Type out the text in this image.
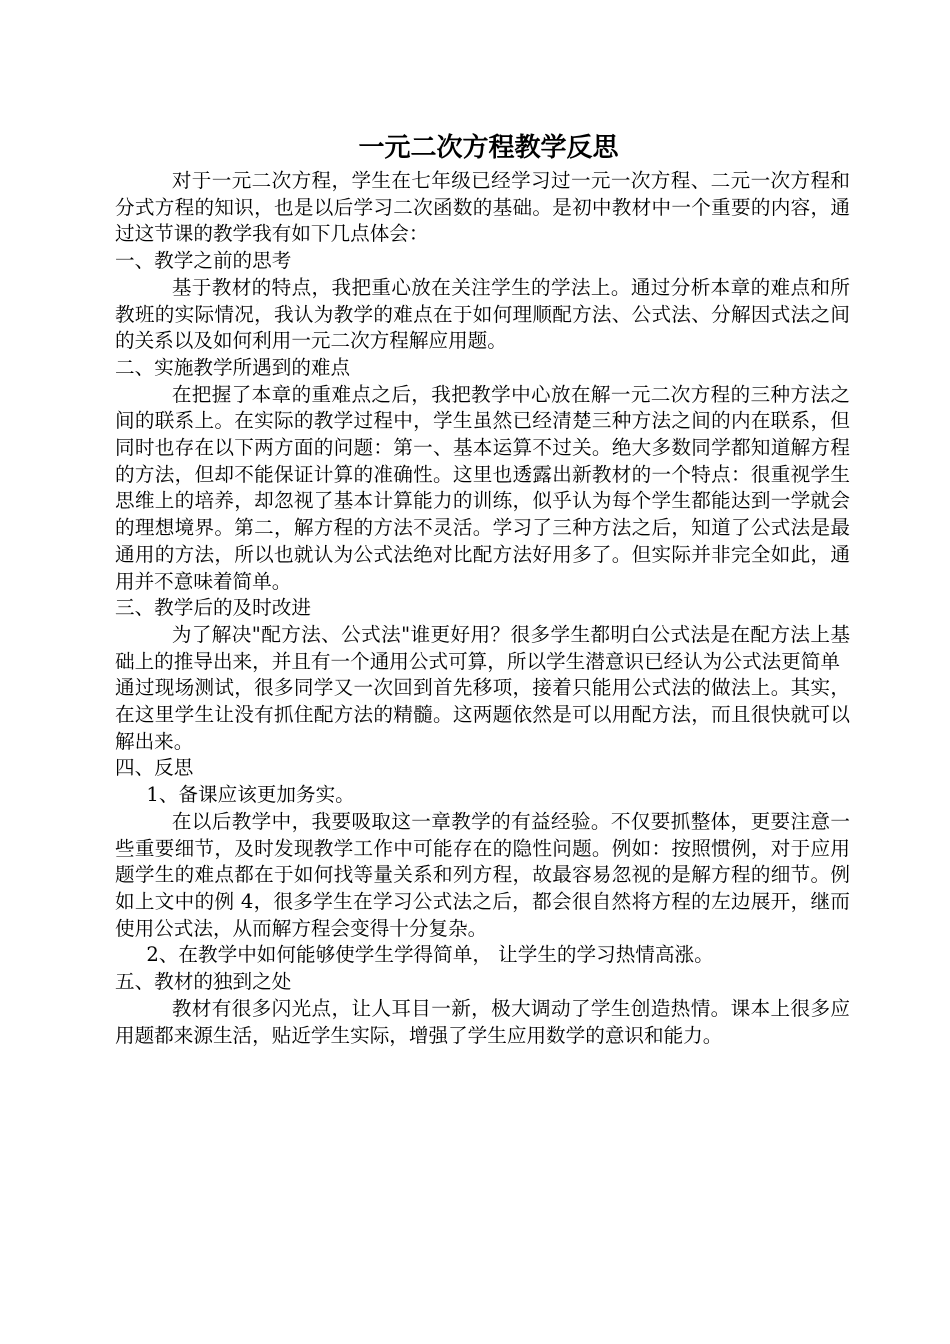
一元二次方程教学反思

对于一元二次方程，学生在七年级已经学习过一元一次方程、二元一次方程和分式方程的知识，也是以后学习二次函数的基础。是初中教材中一个重要的内容，通过这节课的教学我有如下几点体会：

一、教学之前的思考

基于教材的特点，我把重心放在关注学生的学法上。通过分析本章的难点和所教班的实际情况，我认为教学的难点在于如何理顺配方法、公式法、分解因式法之间的关系以及如何利用一元二次方程解应用题。

二、实施教学所遇到的难点

在把握了本章的重难点之后，我把教学中心放在解一元二次方程的三种方法之间的联系上。在实际的教学过程中，学生虽然已经清楚三种方法之间的内在联系，但同时也存在以下两方面的问题：第一、基本运算不过关。绝大多数同学都知道解方程的方法，但却不能保证计算的准确性。这里也透露出新教材的一个特点：很重视学生思维上的培养，却忽视了基本计算能力的训练，似乎认为每个学生都能达到一学就会的理想境界。第二，解方程的方法不灵活。学习了三种方法之后，知道了公式法是最通用的方法，所以也就认为公式法绝对比配方法好用多了。但实际并非完全如此，通用并不意味着简单。

三、教学后的及时改进

为了解决"配方法、公式法"谁更好用？很多学生都明白公式法是在配方法上基础上的推导出来，并且有一个通用公式可算，所以学生潜意识已经认为公式法更简单

通过现场测试，很多同学又一次回到首先移项，接着只能用公式法的做法上。其实，在这里学生让没有抓住配方法的精髓。这两题依然是可以用配方法，而且很快就可以解出来。

四、反思

1、备课应该更加务实。

在以后教学中，我要吸取这一章教学的有益经验。不仅要抓整体，更要注意一些重要细节，及时发现教学工作中可能存在的隐性问题。例如：按照惯例，对于应用题学生的难点都在于如何找等量关系和列方程，故最容易忽视的是解方程的细节。例如上文中的例 4，很多学生在学习公式法之后，都会很自然将方程的左边展开，继而使用公式法，从而解方程会变得十分复杂。

2、在教学中如何能够使学生学得简单， 让学生的学习热情高涨。

五、教材的独到之处

教材有很多闪光点，让人耳目一新，极大调动了学生创造热情。课本上很多应用题都来源生活，贴近学生实际，增强了学生应用数学的意识和能力。
